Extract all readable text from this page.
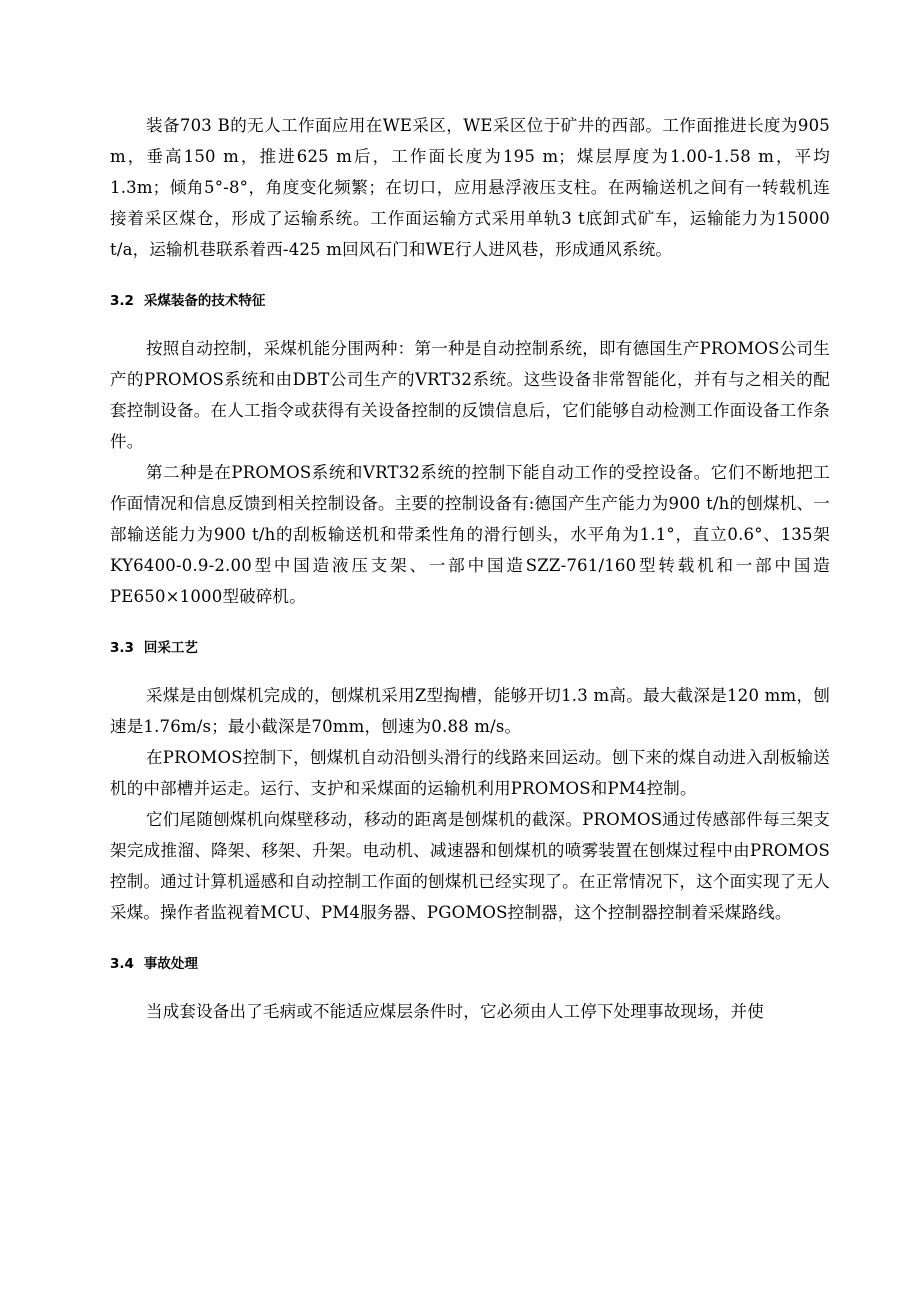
装备703 B的无人工作面应用在WE采区，WE采区位于矿井的西部。工作面推进长度为905 m，垂高150 m，推进625 m后，工作面长度为195 m；煤层厚度为1.00-1.58 m，平均1.3m；倾角5°-8°，角度变化频繁；在切口，应用悬浮液压支柱。在两输送机之间有一转载机连接着采区煤仓，形成了运输系统。工作面运输方式采用单轨3 t底卸式矿车，运输能力为15000 t/a，运输机巷联系着西-425 m回风石门和WE行人进风巷，形成通风系统。

3.2 采煤装备的技术特征

按照自动控制，采煤机能分围两种：第一种是自动控制系统，即有德国生产PROMOS公司生产的PROMOS系统和由DBT公司生产的VRT32系统。这些设备非常智能化，并有与之相关的配套控制设备。在人工指令或获得有关设备控制的反馈信息后，它们能够自动检测工作面设备工作条件。

第二种是在PROMOS系统和VRT32系统的控制下能自动工作的受控设备。它们不断地把工作面情况和信息反馈到相关控制设备。主要的控制设备有:德国产生产能力为900 t/h的刨煤机、一部输送能力为900 t/h的刮板输送机和带柔性角的滑行刨头，水平角为1.1°，直立0.6°、135架KY6400-0.9-2.00型中国造液压支架、一部中国造SZZ-761/160型转载机和一部中国造PE650×1000型破碎机。

3.3 回采工艺

采煤是由刨煤机完成的，刨煤机采用Z型掏槽，能够开切1.3 m高。最大截深是120 mm，刨速是1.76m/s；最小截深是70mm，刨速为0.88 m/s。

在PROMOS控制下，刨煤机自动沿刨头滑行的线路来回运动。刨下来的煤自动进入刮板输送机的中部槽并运走。运行、支护和采煤面的运输机利用PROMOS和PM4控制。

它们尾随刨煤机向煤壁移动，移动的距离是刨煤机的截深。PROMOS通过传感部件每三架支架完成推溜、降架、移架、升架。电动机、减速器和刨煤机的喷雾装置在刨煤过程中由PROMOS控制。通过计算机遥感和自动控制工作面的刨煤机已经实现了。在正常情况下，这个面实现了无人采煤。操作者监视着MCU、PM4服务器、PGOMOS控制器，这个控制器控制着采煤路线。

3.4 事故处理

当成套设备出了毛病或不能适应煤层条件时，它必须由人工停下处理事故现场，并使
